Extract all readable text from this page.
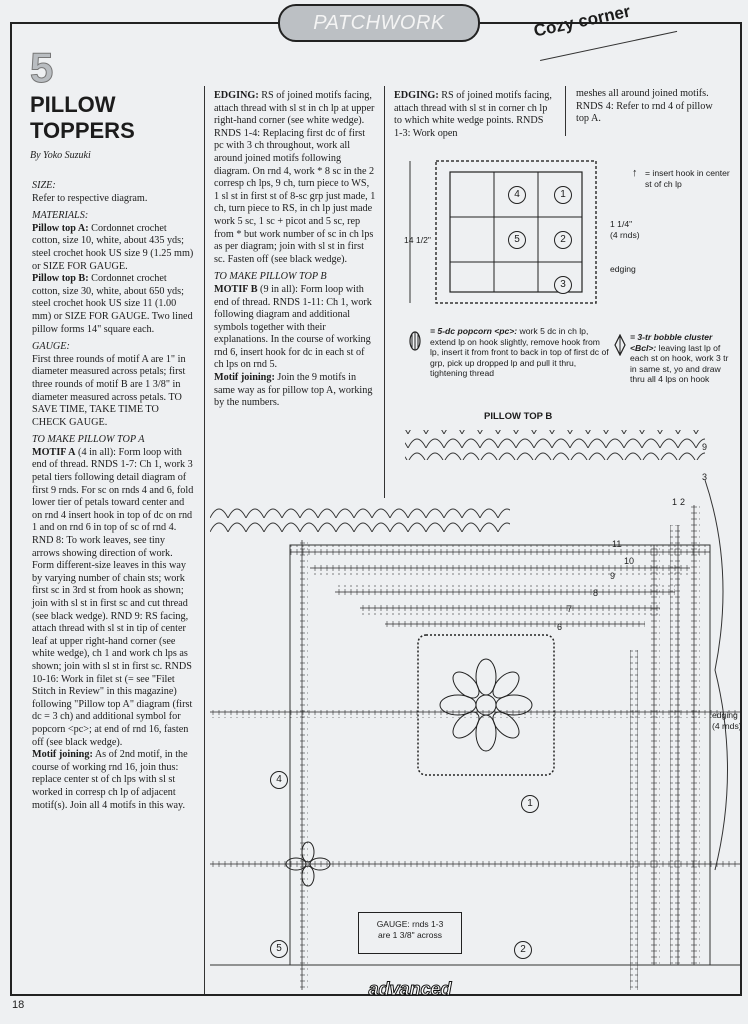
PATCHWORK	Cozy corner
5
PILLOW
TOPPERS
By Yoko Suzuki

SIZE:
Refer to respective diagram.

MATERIALS:

Pillow top A: Cordonnet crochet cotton, size 10, white, about 435 yds; steel crochet hook US size 9 (1.25 mm) or SIZE FOR GAUGE.

Pillow top B: Cordonnet crochet cotton, size 30, white, about 650 yds; steel crochet hook US size 11 (1.00 mm) or SIZE FOR GAUGE. Two lined pillow forms 14" square each.

GAUGE:
First three rounds of motif A are 1" in diameter measured across petals; first three rounds of motif B are 1 3/8" in diameter measured across petals. TO SAVE TIME, TAKE TIME TO CHECK GAUGE.

TO MAKE PILLOW TOP A

MOTIF A (4 in all): Form loop with end of thread. RNDS 1-7: Ch 1, work 3 petal tiers following detail diagram of first 9 rnds. For sc on rnds 4 and 6, fold lower tier of petals toward center and on rnd 4 insert hook in top of dc on rnd 1 and on rnd 6 in top of sc of rnd 4. RND 8: To work leaves, see tiny arrows showing direction of work. Form different-size leaves in this way by varying number of chain sts; work first sc in 3rd st from hook as shown; join with sl st in first sc and cut thread (see black wedge). RND 9: RS facing, attach thread with sl st in tip of center leaf at upper right-hand corner (see white wedge), ch 1 and work ch lps as shown; join with sl st in first sc. RNDS 10-16: Work in filet st (= see "Filet Stitch in Review" in this magazine) following "Pillow top A" diagram (first dc = 3 ch) and additional symbol for popcorn <pc>; at end of rnd 16, fasten off (see black wedge).

Motif joining: As of 2nd motif, in the course of working rnd 16, join thus: replace center st of ch lps with sl st worked in corresp ch lp of adjacent motif(s). Join all 4 motifs in this way.

EDGING: RS of joined motifs facing, attach thread with sl st in ch lp at upper right-hand corner (see white wedge). RNDS 1-4: Replacing first dc of first pc with 3 ch throughout, work all around joined motifs following diagram. On rnd 4, work * 8 sc in the 2 corresp ch lps, 9 ch, turn piece to WS, 1 sl st in first st of 8-sc grp just made, 1 ch, turn piece to RS, in ch lp just made work 5 sc, 1 sc + picot and 5 sc, rep from * but work number of sc in ch lps as per diagram; join with sl st in first sc. Fasten off (see black wedge).

TO MAKE PILLOW TOP B

MOTIF B (9 in all): Form loop with end of thread. RNDS 1-11: Ch 1, work following diagram and additional symbols together with their explanations. In the course of working rnd 6, insert hook for dc in each st of ch lps on rnd 5.

Motif joining: Join the 9 motifs in same way as for pillow top A, working by the numbers.

EDGING: RS of joined motifs facing, attach thread with sl st in corner ch lp to which white wedge points. RNDS 1-3: Work open

meshes all around joined motifs. RNDS 4: Refer to rnd 4 of pillow top A.

14 1/2"
4	1
5	2
3
1 1/4"
(4 rnds)
edging
↑ = insert hook in center st of ch lp
= 5-dc popcorn <pc>: work 5 dc in ch lp, extend lp on hook slightly, remove hook from lp, insert it from front to back in top of first dc of grp, pick up dropped lp and pull it thru, tightening thread
= 3-tr bobble cluster <Bcl>: leaving last lp of each st on hook, work 3 tr in same st, yo and draw thru all 4 lps on hook
PILLOW TOP B
4
1
5	2
1 2
3
6
7
8
9
10
11
9
edging
(4 rnds)
GAUGE: rnds 1-3
are 1 3/8" across
advanced
18
